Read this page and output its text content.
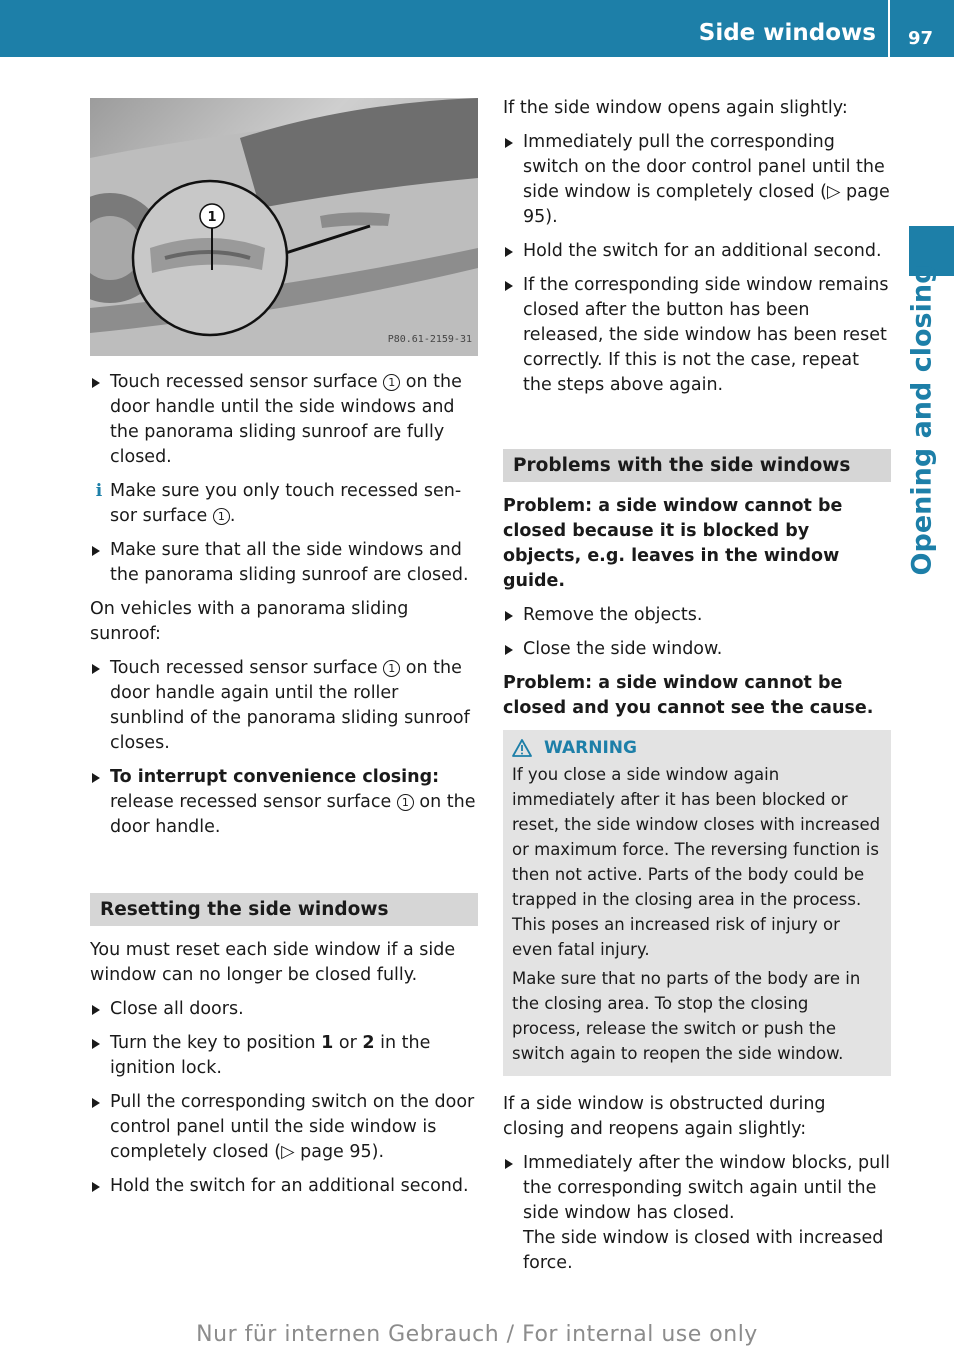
Side windows 97
Opening and closing
1
P80.61-2159-31
Touch recessed sensor surface 1 on the door handle until the side windows and the panorama sliding sunroof are fully closed.
i Make sure you only touch recessed sensor surface 1 .
Make sure that all the side windows and the panorama sliding sunroof are closed.

On vehicles with a panorama sliding sunroof:

Touch recessed sensor surface 1 on the door handle again until the roller sunblind of the panorama sliding sunroof closes.
To interrupt convenience closing: release recessed sensor surface 1 on the door handle.
Resetting the side windows

You must reset each side window if a side window can no longer be closed fully.

Close all doors.
Turn the key to position 1 or 2 in the ignition lock.
Pull the corresponding switch on the door control panel until the side window is completely closed (▷ page 95).
Hold the switch for an additional second.

If the side window opens again slightly:

Immediately pull the corresponding switch on the door control panel until the side window is completely closed (▷ page 95).
Hold the switch for an additional second.
If the corresponding side window remains closed after the button has been released, the side window has been reset correctly. If this is not the case, repeat the steps above again.
Problems with the side windows

Problem: a side window cannot be closed because it is blocked by objects, e.g. leaves in the window guide.

Remove the objects.
Close the side window.

Problem: a side window cannot be closed and you cannot see the cause.

WARNING

If you close a side window again immediately after it has been blocked or reset, the side window closes with increased or maximum force. The reversing function is then not active. Parts of the body could be trapped in the closing area in the process. This poses an increased risk of injury or even fatal injury.

Make sure that no parts of the body are in the closing area. To stop the closing process, release the switch or push the switch again to reopen the side window.

If a side window is obstructed during closing and reopens again slightly:

Immediately after the window blocks, pull the corresponding switch again until the side window has closed.
The side window is closed with increased force.
Nur für internen Gebrauch / For internal use only
